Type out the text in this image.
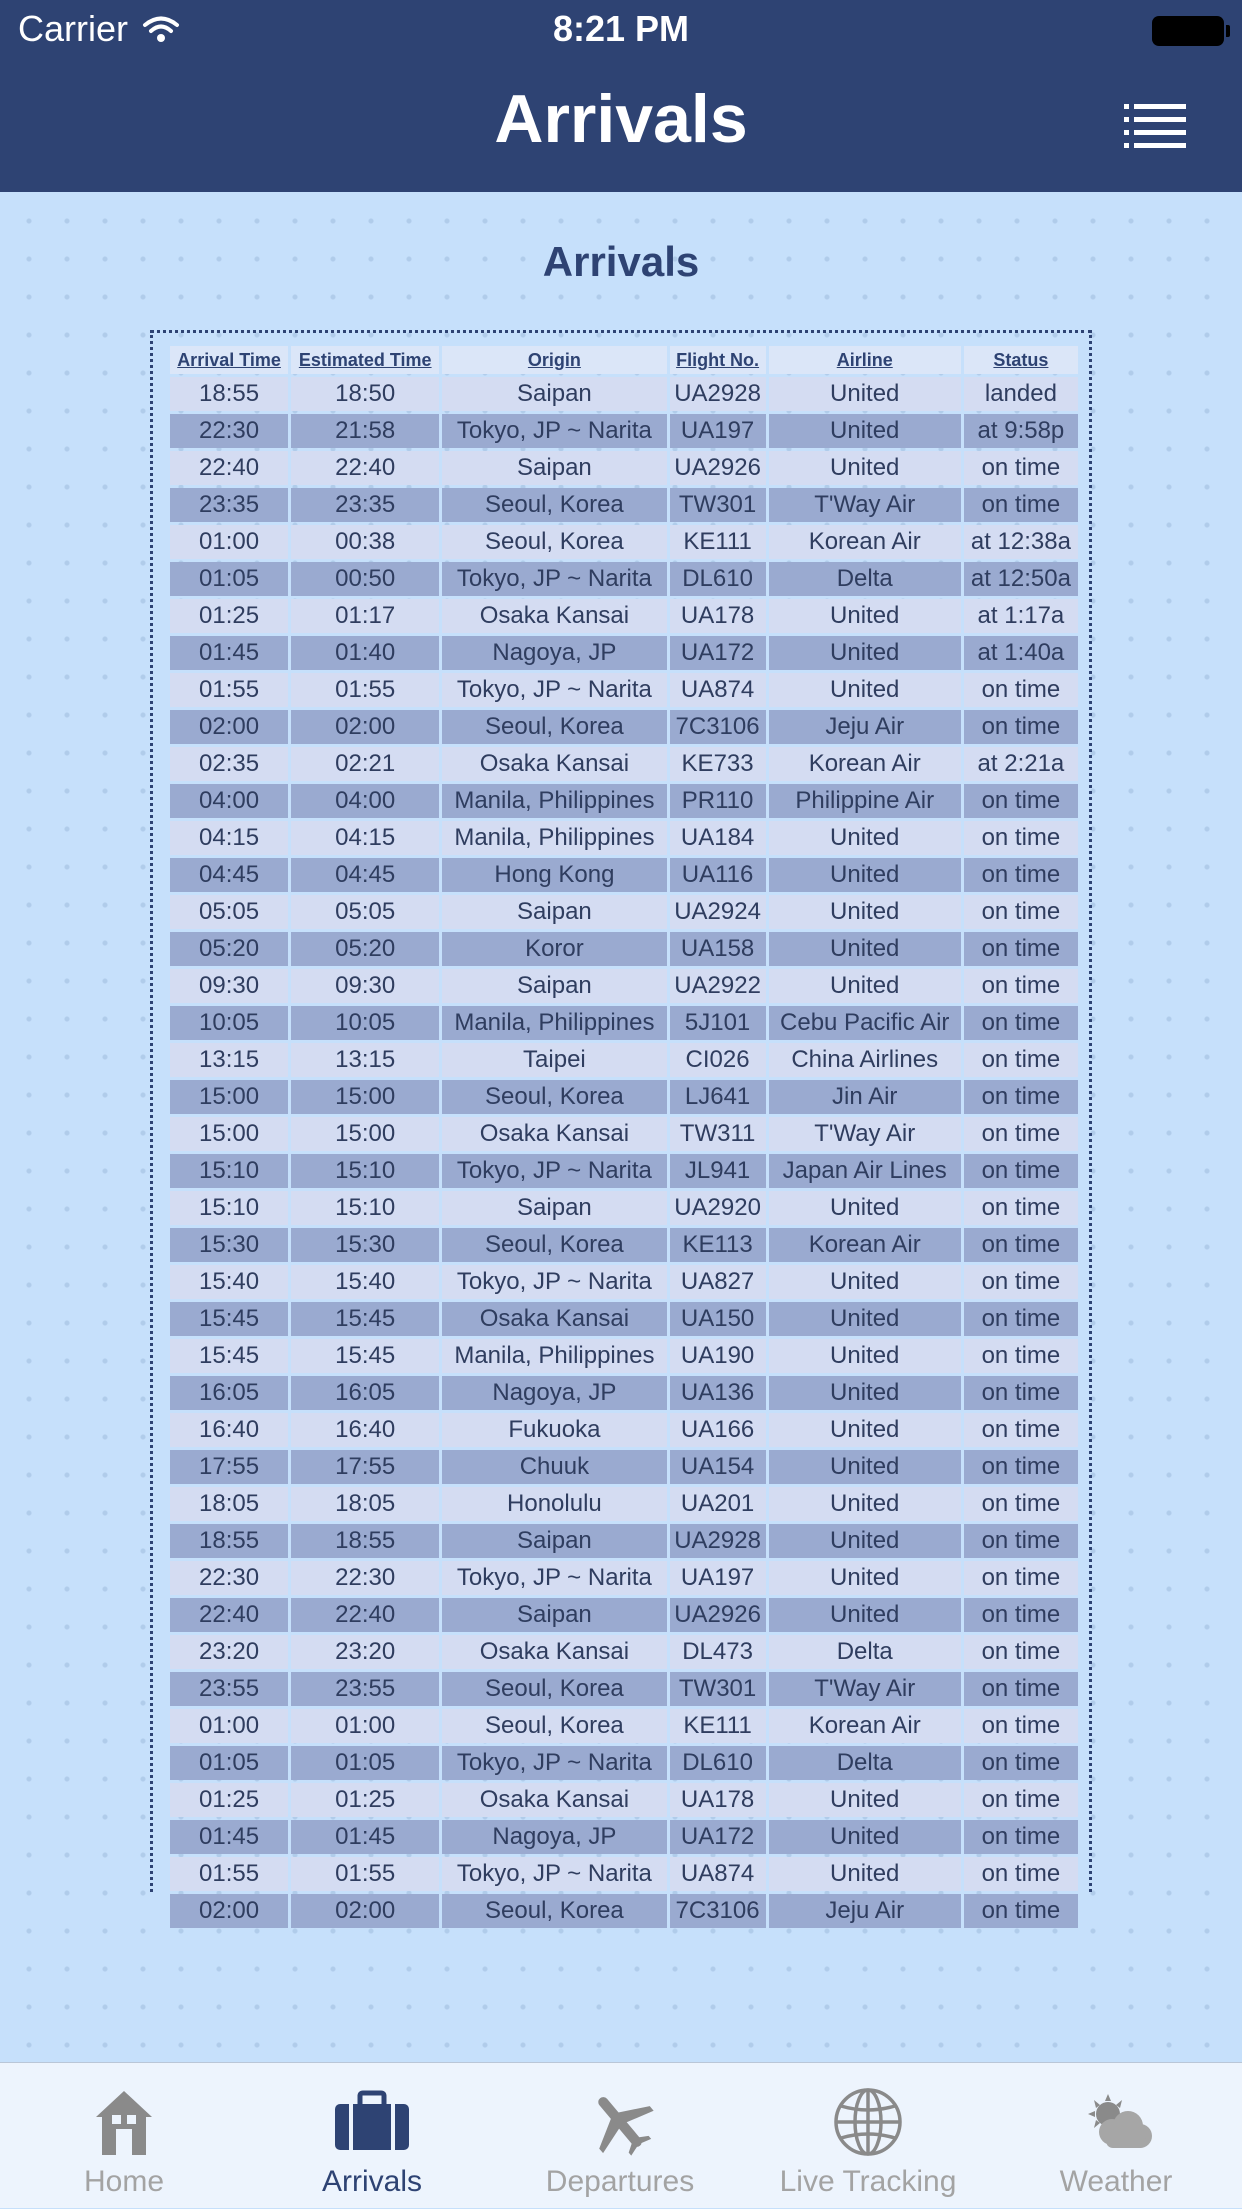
Carrier	8:21 PM
Arrivals
Arrivals
Arrival Time	Estimated Time	Origin	Flight No.	Airline	Status
18:55	18:50	Saipan	UA2928	United	landed
22:30	21:58	Tokyo, JP ~ Narita	UA197	United	at 9:58p
22:40	22:40	Saipan	UA2926	United	on time
23:35	23:35	Seoul, Korea	TW301	T'Way Air	on time
01:00	00:38	Seoul, Korea	KE111	Korean Air	at 12:38a
01:05	00:50	Tokyo, JP ~ Narita	DL610	Delta	at 12:50a
01:25	01:17	Osaka Kansai	UA178	United	at 1:17a
01:45	01:40	Nagoya, JP	UA172	United	at 1:40a
01:55	01:55	Tokyo, JP ~ Narita	UA874	United	on time
02:00	02:00	Seoul, Korea	7C3106	Jeju Air	on time
02:35	02:21	Osaka Kansai	KE733	Korean Air	at 2:21a
04:00	04:00	Manila, Philippines	PR110	Philippine Air	on time
04:15	04:15	Manila, Philippines	UA184	United	on time
04:45	04:45	Hong Kong	UA116	United	on time
05:05	05:05	Saipan	UA2924	United	on time
05:20	05:20	Koror	UA158	United	on time
09:30	09:30	Saipan	UA2922	United	on time
10:05	10:05	Manila, Philippines	5J101	Cebu Pacific Air	on time
13:15	13:15	Taipei	CI026	China Airlines	on time
15:00	15:00	Seoul, Korea	LJ641	Jin Air	on time
15:00	15:00	Osaka Kansai	TW311	T'Way Air	on time
15:10	15:10	Tokyo, JP ~ Narita	JL941	Japan Air Lines	on time
15:10	15:10	Saipan	UA2920	United	on time
15:30	15:30	Seoul, Korea	KE113	Korean Air	on time
15:40	15:40	Tokyo, JP ~ Narita	UA827	United	on time
15:45	15:45	Osaka Kansai	UA150	United	on time
15:45	15:45	Manila, Philippines	UA190	United	on time
16:05	16:05	Nagoya, JP	UA136	United	on time
16:40	16:40	Fukuoka	UA166	United	on time
17:55	17:55	Chuuk	UA154	United	on time
18:05	18:05	Honolulu	UA201	United	on time
18:55	18:55	Saipan	UA2928	United	on time
22:30	22:30	Tokyo, JP ~ Narita	UA197	United	on time
22:40	22:40	Saipan	UA2926	United	on time
23:20	23:20	Osaka Kansai	DL473	Delta	on time
23:55	23:55	Seoul, Korea	TW301	T'Way Air	on time
01:00	01:00	Seoul, Korea	KE111	Korean Air	on time
01:05	01:05	Tokyo, JP ~ Narita	DL610	Delta	on time
01:25	01:25	Osaka Kansai	UA178	United	on time
01:45	01:45	Nagoya, JP	UA172	United	on time
01:55	01:55	Tokyo, JP ~ Narita	UA874	United	on time
02:00	02:00	Seoul, Korea	7C3106	Jeju Air	on time
Home	Arrivals	Departures	Live Tracking	Weather
